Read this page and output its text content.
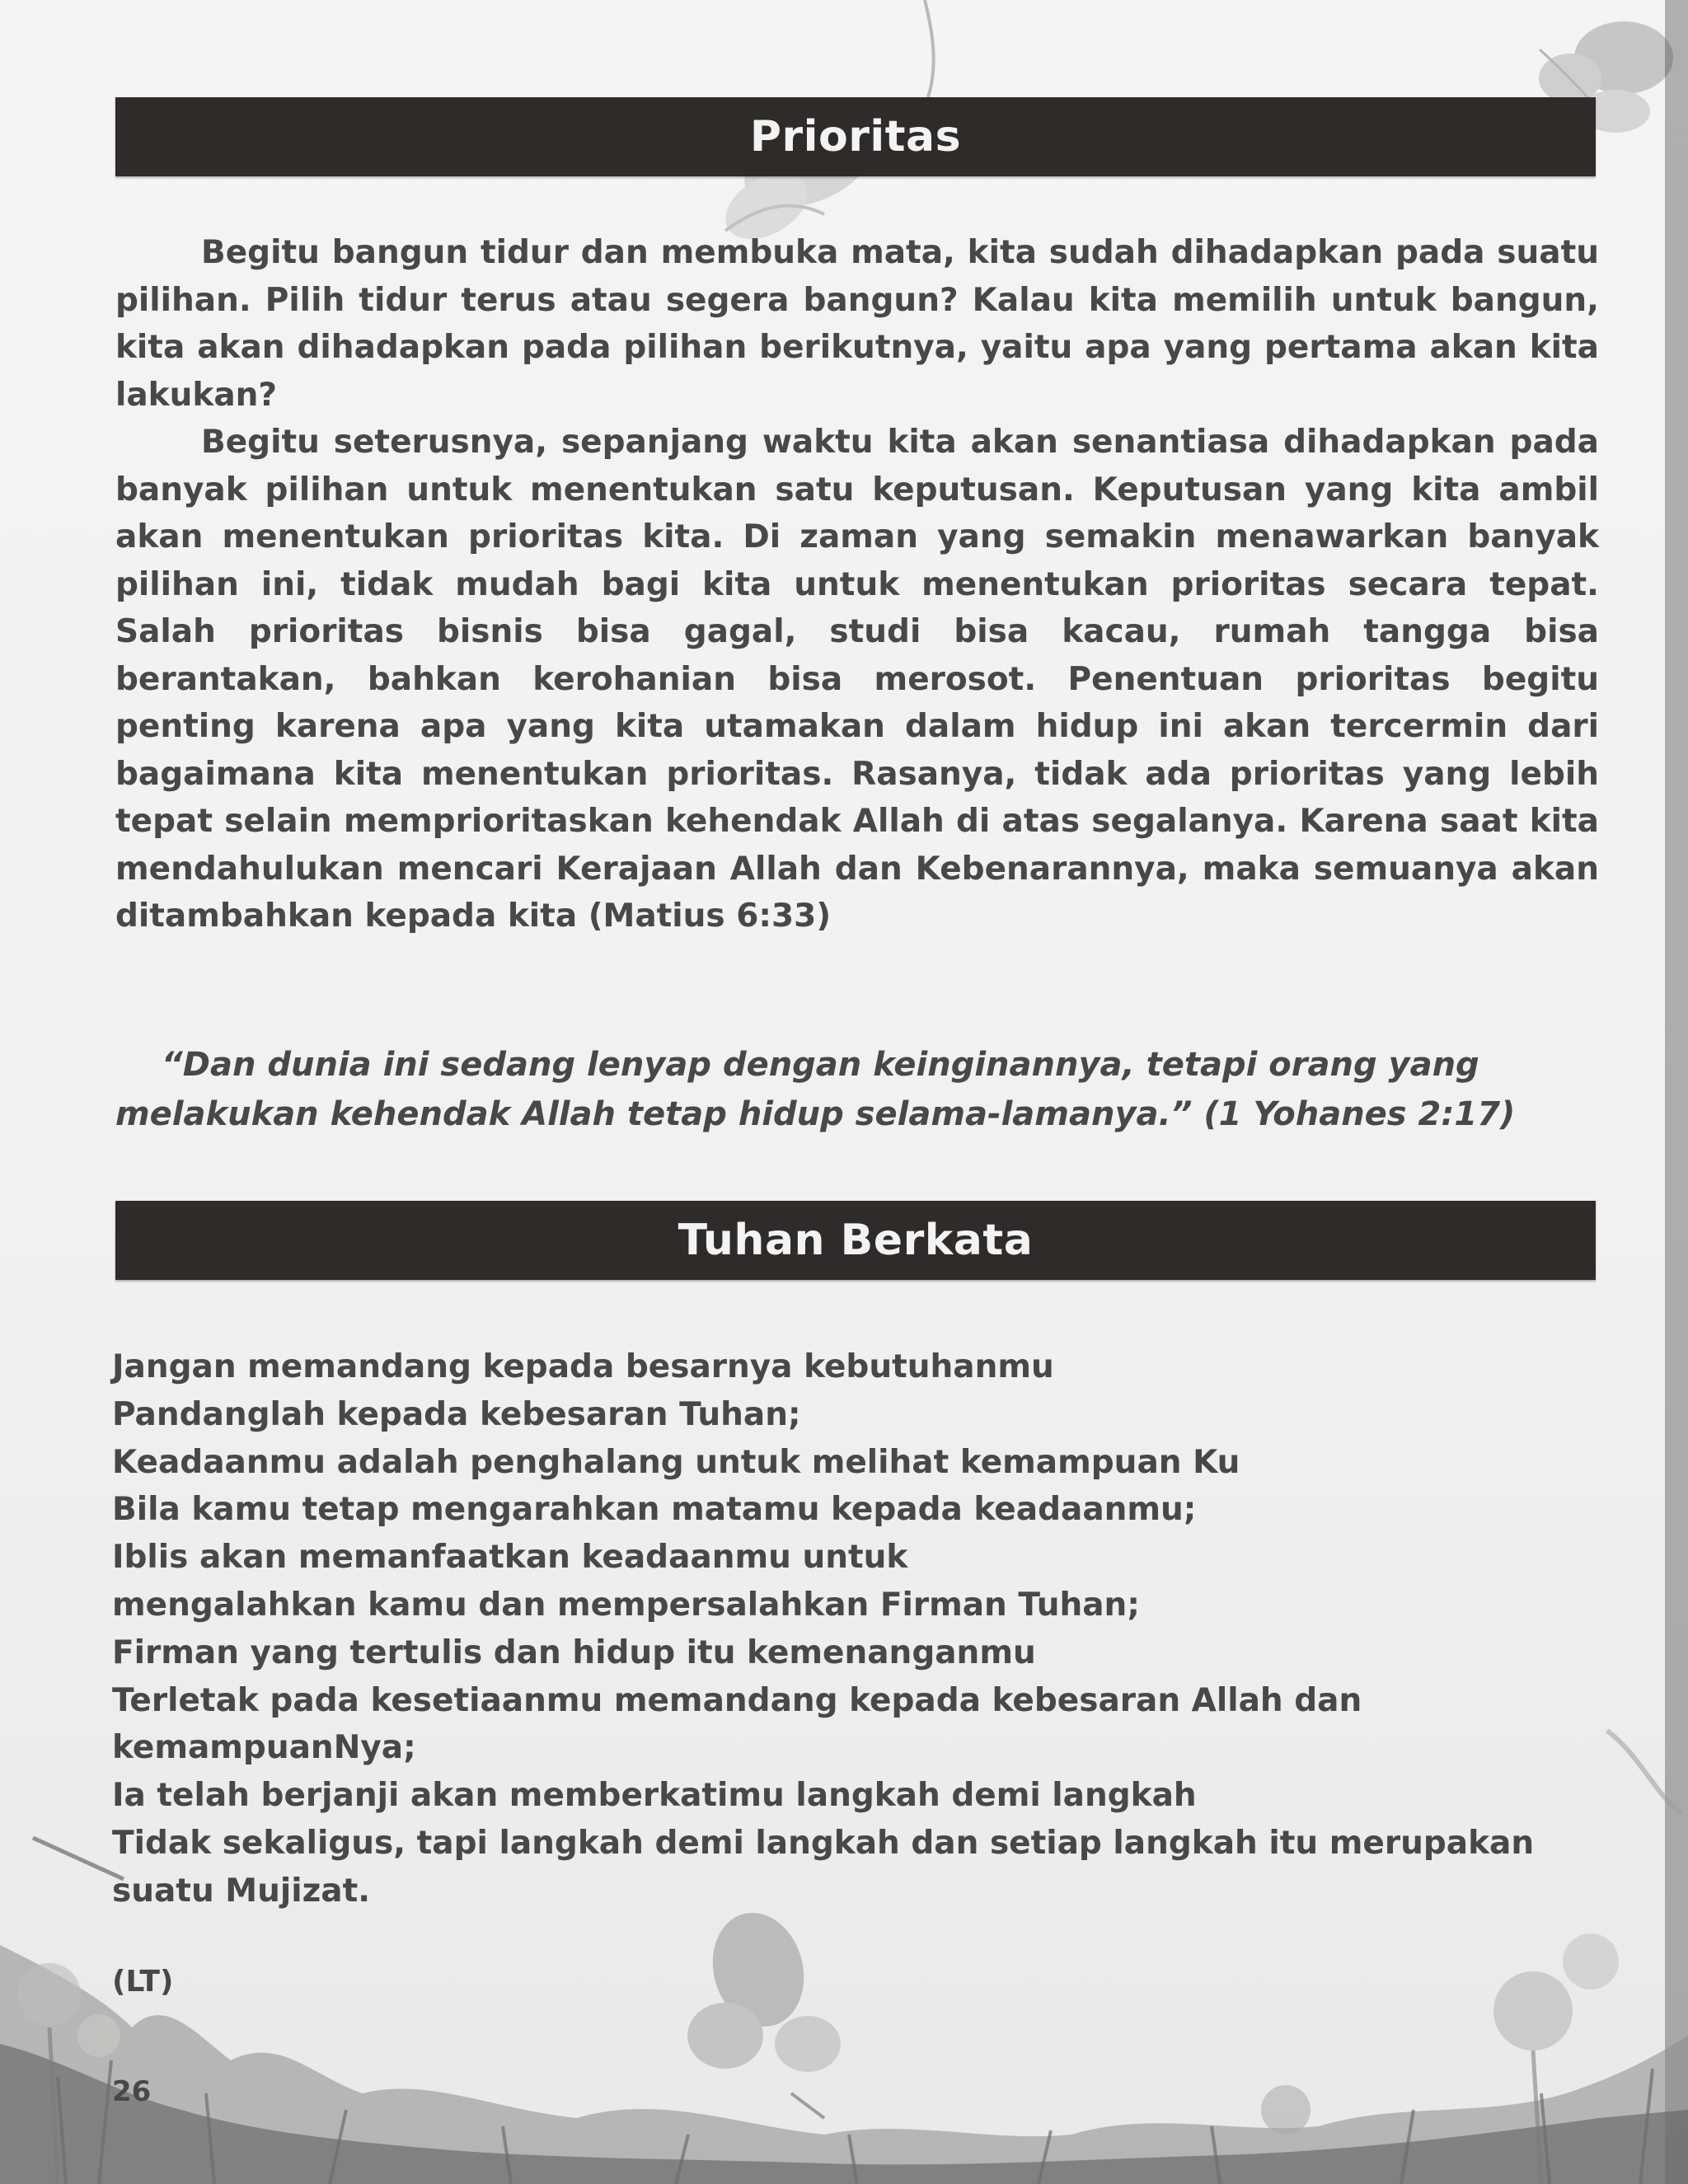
Prioritas

Begitu bangun tidur dan membuka mata, kita sudah dihadapkan pada suatu pilihan. Pilih tidur terus atau segera bangun? Kalau kita memilih untuk bangun, kita akan dihadapkan pada pilihan berikutnya, yaitu apa yang pertama akan kita lakukan?

Begitu seterusnya, sepanjang waktu kita akan senantiasa dihadapkan pada banyak pilihan untuk menentukan satu keputusan. Keputusan yang kita ambil akan menentukan prioritas kita. Di zaman yang semakin menawarkan banyak pilihan ini, tidak mudah bagi kita untuk menentukan prioritas secara tepat. Salah prioritas bisnis bisa gagal, studi bisa kacau, rumah tangga bisa berantakan, bahkan kerohanian bisa merosot. Penentuan prioritas begitu penting karena apa yang kita utamakan dalam hidup ini akan tercermin dari bagaimana kita menentukan prioritas. Rasanya, tidak ada prioritas yang lebih tepat selain memprioritaskan kehendak Allah di atas segalanya. Karena saat kita mendahulukan mencari Kerajaan Allah dan Kebenarannya, maka semuanya akan ditambahkan kepada kita (Matius 6:33)

“Dan dunia ini sedang lenyap dengan keinginannya, tetapi orang yang melakukan kehendak Allah tetap hidup selama-lamanya.” (1 Yohanes 2:17)

Tuhan Berkata
Jangan memandang kepada besarnya kebutuhanmu
Pandanglah kepada kebesaran Tuhan;
Keadaanmu adalah penghalang untuk melihat kemampuan Ku
Bila kamu tetap mengarahkan matamu kepada keadaanmu;
Iblis akan memanfaatkan keadaanmu untuk
mengalahkan kamu dan mempersalahkan Firman Tuhan;
Firman yang tertulis dan hidup itu kemenanganmu
Terletak pada kesetiaanmu memandang kepada kebesaran Allah dan kemampuanNya;
Ia telah berjanji akan memberkatimu langkah demi langkah
Tidak sekaligus, tapi langkah demi langkah dan setiap langkah itu merupakan suatu Mujizat.
(LT)
26
